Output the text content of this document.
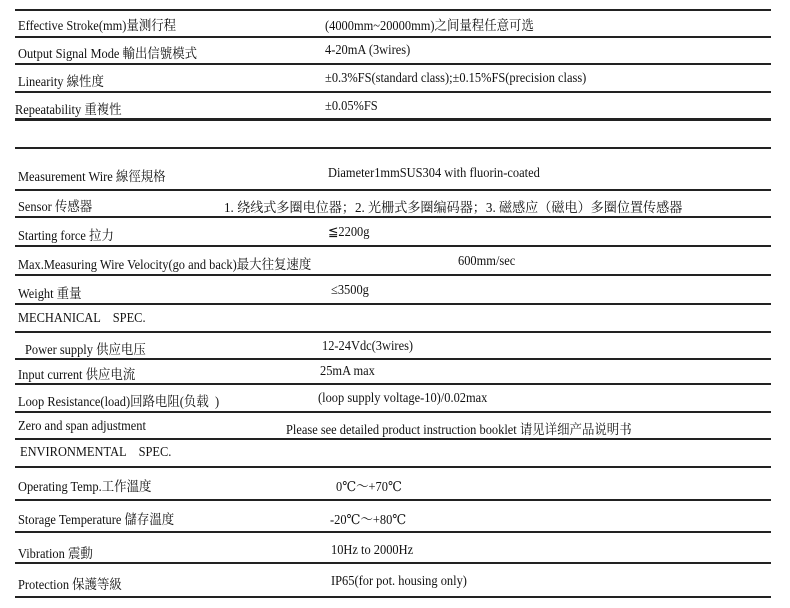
Effective Stroke(mm)量测行程	(4000mm~20000mm)之间量程任意可选
Output Signal Mode 輸出信號模式	4-20mA (3wires)
Linearity 線性度	±0.3%FS(standard class);±0.15%FS(precision class)
Repeatability 重複性	±0.05%FS
Measurement Wire 線徑規格	Diameter1mmSUS304 with fluorin-coated
Sensor 传感器	1. 绕线式多圈电位器；2. 光栅式多圈编码器；3. 磁感应（磁电）多圈位置传感器
Starting force 拉力	≦2200g
Max.Measuring Wire Velocity(go and back)最大往复速度	600mm/sec
Weight 重量	≤3500g
MECHANICAL    SPEC.
Power supply 供应电压	12-24Vdc(3wires)
Input current 供应电流	25mA max
Loop Resistance(load)回路电阻(负载  )	(loop supply voltage-10)/0.02max
Zero and span adjustment	Please see detailed product instruction booklet 请见详细产品说明书
ENVIRONMENTAL    SPEC.
Operating Temp.工作溫度	0℃～+70℃
Storage Temperature 儲存溫度	-20℃～+80℃
Vibration 震動	10Hz to 2000Hz
Protection 保護等級	IP65(for pot. housing only)
